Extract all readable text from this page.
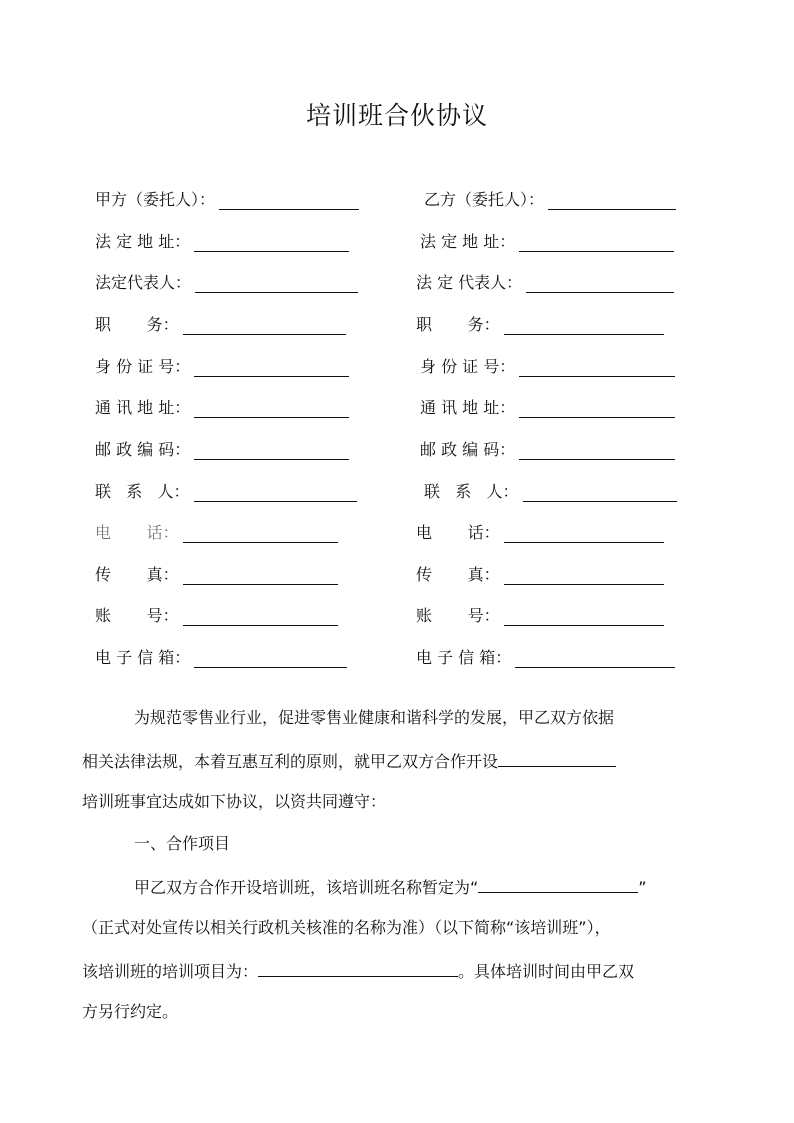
培训班合伙协议
甲方（委托人）：
法 定 地 址：
法定代表人：
职       务：
身 份 证 号：
通 讯 地 址：
邮 政 编 码：
联   系   人：
电       话：
传       真：
账       号：
电 子 信 箱：
乙方（委托人）：
法 定 地 址：
法 定 代表人：
职       务：
身 份 证 号：
通 讯 地 址：
邮 政 编 码：
联   系   人：
电       话：
传       真：
账       号：
电 子 信 箱：
为规范零售业行业，促进零售业健康和谐科学的发展，甲乙双方依据
相关法律法规，本着互惠互利的原则，就甲乙双方合作开设
培训班事宜达成如下协议，以资共同遵守：
一、合作项目
甲乙双方合作开设培训班，该培训班名称暂定为“	”
（正式对处宣传以相关行政机关核准的名称为准）（以下简称“该培训班”），
该培训班的培训项目为：	。具体培训时间由甲乙双
方另行约定。
